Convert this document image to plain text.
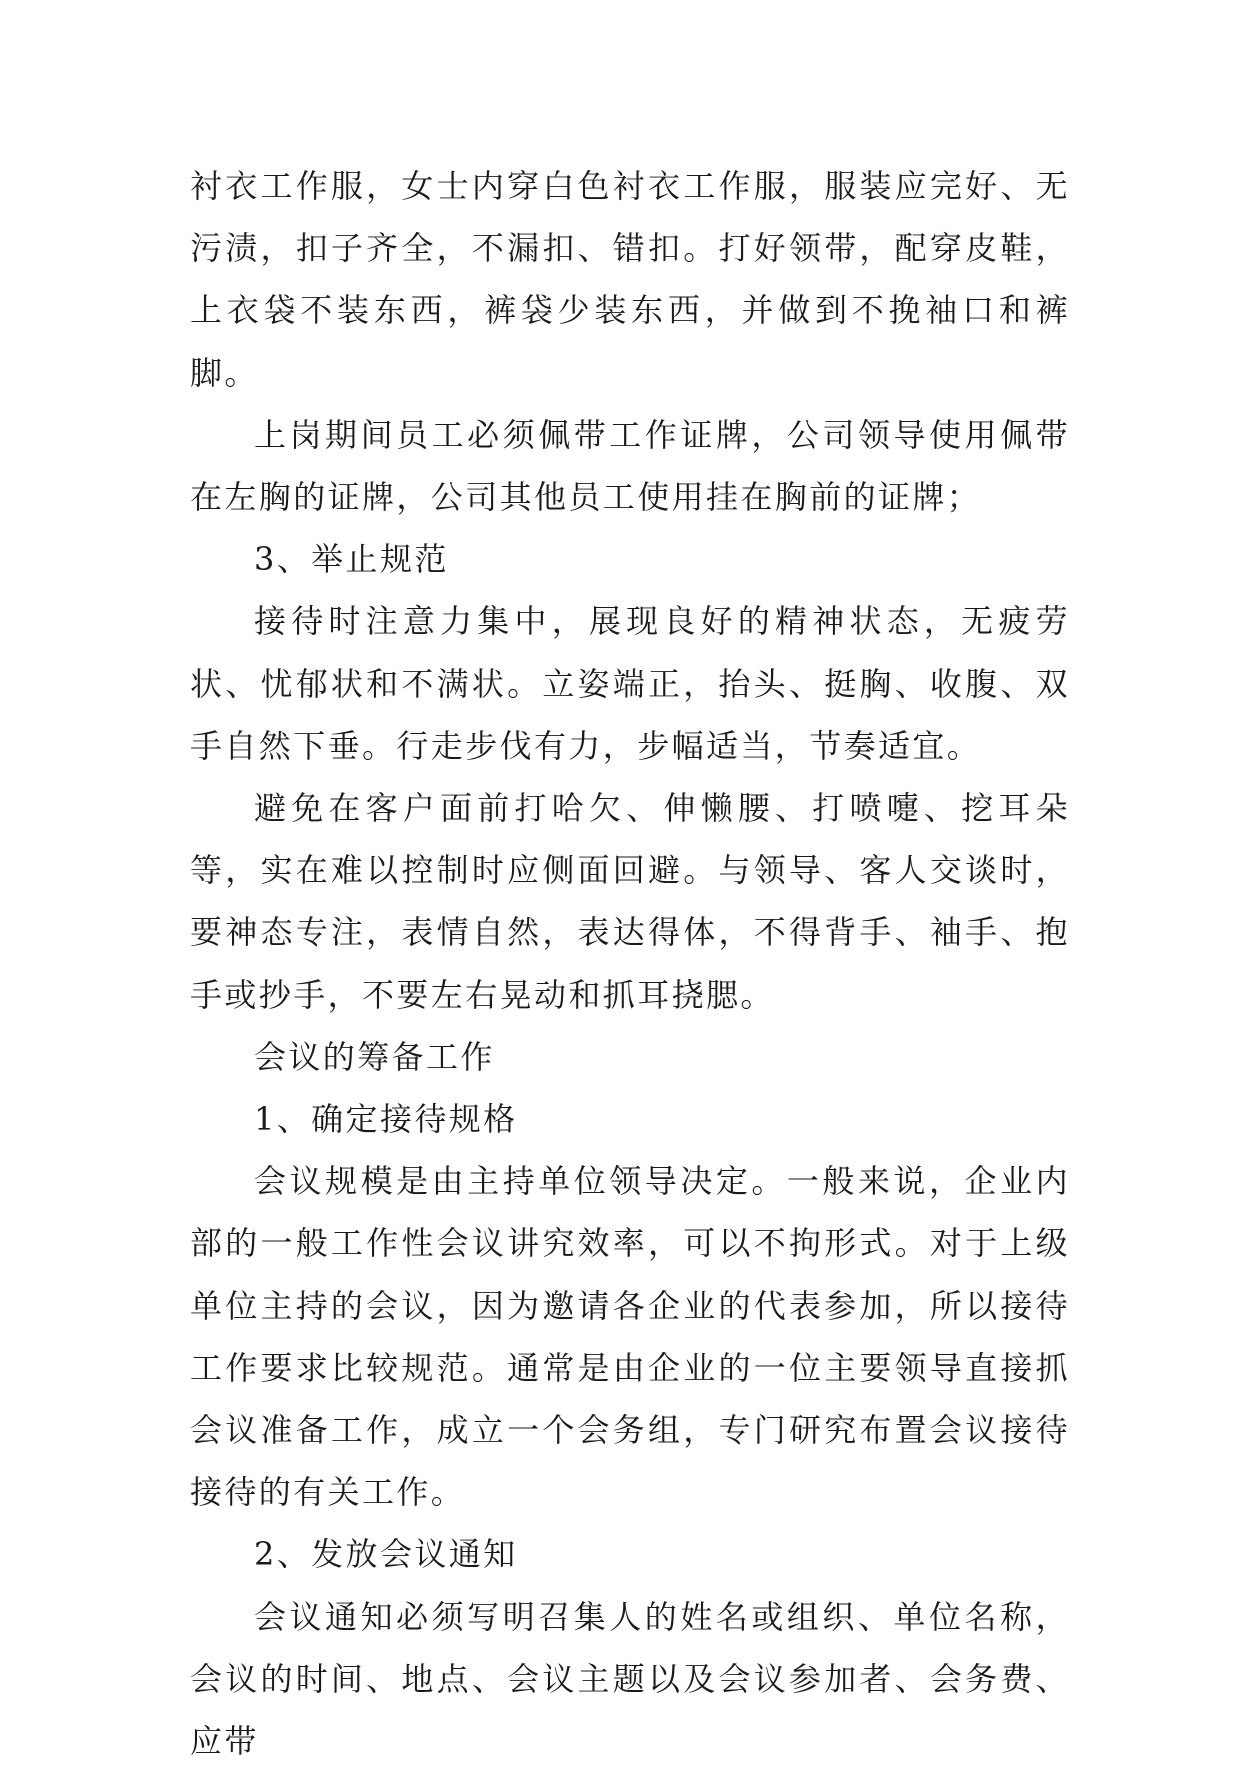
衬衣工作服，女士内穿白色衬衣工作服，服装应完好、无污渍，扣子齐全，不漏扣、错扣。打好领带，配穿皮鞋，上衣袋不装东西，裤袋少装东西，并做到不挽袖口和裤脚。

上岗期间员工必须佩带工作证牌，公司领导使用佩带在左胸的证牌，公司其他员工使用挂在胸前的证牌；

3、举止规范

接待时注意力集中，展现良好的精神状态，无疲劳状、忧郁状和不满状。立姿端正，抬头、挺胸、收腹、双手自然下垂。行走步伐有力，步幅适当，节奏适宜。

避免在客户面前打哈欠、伸懒腰、打喷嚏、挖耳朵等，实在难以控制时应侧面回避。与领导、客人交谈时，要神态专注，表情自然，表达得体，不得背手、袖手、抱手或抄手，不要左右晃动和抓耳挠腮。

会议的筹备工作

1、确定接待规格

会议规模是由主持单位领导决定。一般来说，企业内部的一般工作性会议讲究效率，可以不拘形式。对于上级单位主持的会议，因为邀请各企业的代表参加，所以接待工作要求比较规范。通常是由企业的一位主要领导直接抓会议准备工作，成立一个会务组，专门研究布置会议接待接待的有关工作。

2、发放会议通知

会议通知必须写明召集人的姓名或组织、单位名称，会议的时间、地点、会议主题以及会议参加者、会务费、应带
